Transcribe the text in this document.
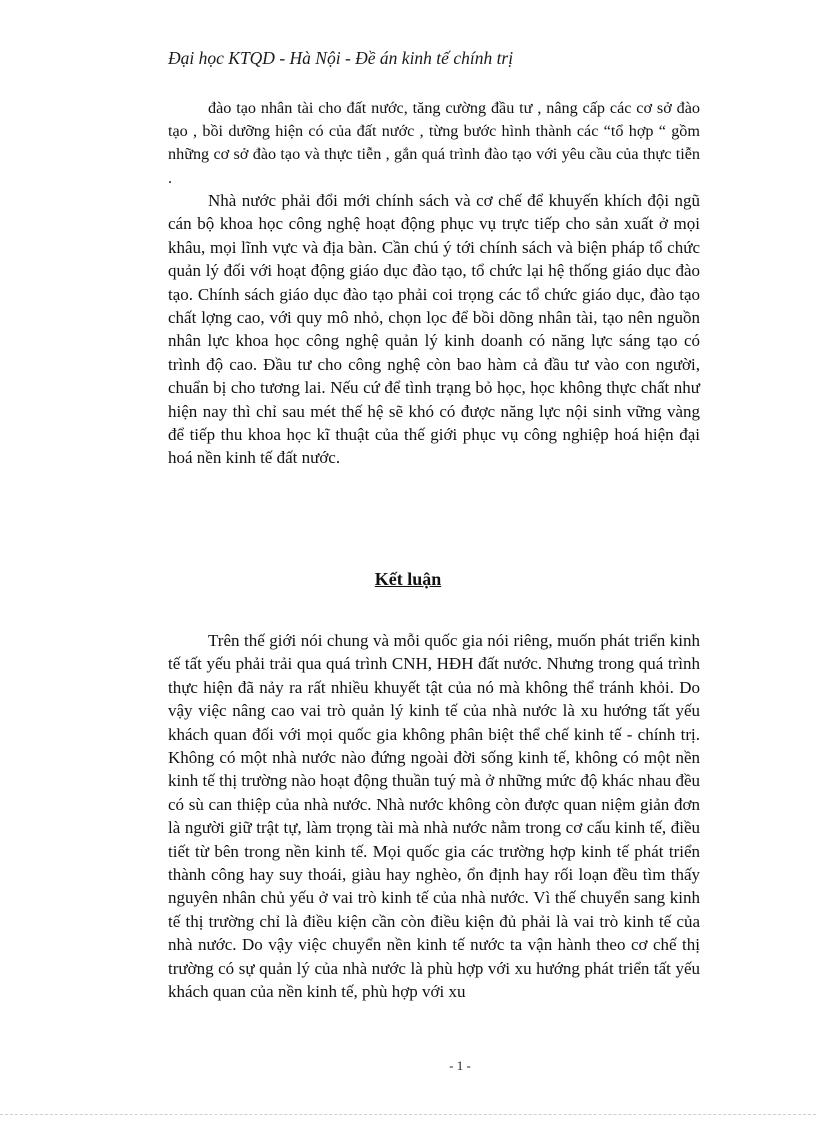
Đại học KTQD - Hà Nội - Đề án kinh tế chính trị

đào tạo nhân tài cho đất nước, tăng cường đầu tư , nâng cấp các cơ sở đào tạo , bồi dưỡng hiện có của đất nước , từng bước hình thành các “tổ hợp “ gồm những cơ sở đào tạo và thực tiễn , gắn quá trình đào tạo với yêu cầu của thực tiễn .

Nhà nước phải đổi mới chính sách và cơ chế để khuyến khích đội ngũ cán bộ khoa học công nghệ hoạt động phục vụ trực tiếp cho sản xuất ở mọi khâu, mọi lĩnh vực và địa bàn. Cần chú ý tới chính sách và biện pháp tổ chức quản lý đối với hoạt động giáo dục đào tạo, tổ chức lại hệ thống giáo dục đào tạo. Chính sách giáo dục đào tạo phải coi trọng các tổ chức giáo dục, đào tạo chất lợng cao, với quy mô nhỏ, chọn lọc để bồi dõng nhân tài, tạo nên nguồn nhân lực khoa học công nghệ quản lý kinh doanh có năng lực sáng tạo có trình độ cao. Đầu tư cho công nghệ còn bao hàm cả đầu tư vào con người, chuẩn bị cho tương lai. Nếu cứ để tình trạng bỏ học, học không thực chất như hiện nay thì chỉ sau mét thế hệ sẽ khó có được năng lực nội sinh vững vàng để tiếp thu khoa học kĩ thuật của thế giới phục vụ công nghiệp hoá hiện đại hoá nền kinh tế đất nước.

Kết luận

Trên thế giới nói chung và mỗi quốc gia nói riêng, muốn phát triển kinh tế tất yếu phải trải qua quá trình CNH, HĐH đất nước. Nhưng trong quá trình thực hiện đã nảy ra rất nhiều khuyết tật của nó mà không thể tránh khỏi. Do vậy việc nâng cao vai trò quản lý kinh tế của nhà nước là xu hướng tất yếu khách quan đối với mọi quốc gia không phân biệt thể chế kinh tế - chính trị. Không có một nhà nước nào đứng ngoài đời sống kinh tế, không có một nền kinh tế thị trường nào hoạt động thuần tuý mà ở những mức độ khác nhau đều có sù can thiệp của nhà nước. Nhà nước không còn được quan niệm giản đơn là người giữ trật tự, làm trọng tài mà nhà nước nằm trong cơ cấu kinh tế, điều tiết từ bên trong nền kinh tế. Mọi quốc gia các trường hợp kinh tế phát triển thành công hay suy thoái, giàu hay nghèo, ổn định hay rối loạn đều tìm thấy nguyên nhân chủ yếu ở vai trò kinh tế của nhà nước. Vì thế chuyển sang kinh tế thị trường chỉ là điều kiện cần còn điều kiện đủ phải là vai trò kinh tế của nhà nước. Do vậy việc chuyển nền kinh tế nước ta vận hành theo cơ chế thị trường có sự quản lý của nhà nước là phù hợp với xu hướng phát triển tất yếu khách quan của nền kinh tế, phù hợp với xu

- 1 -
